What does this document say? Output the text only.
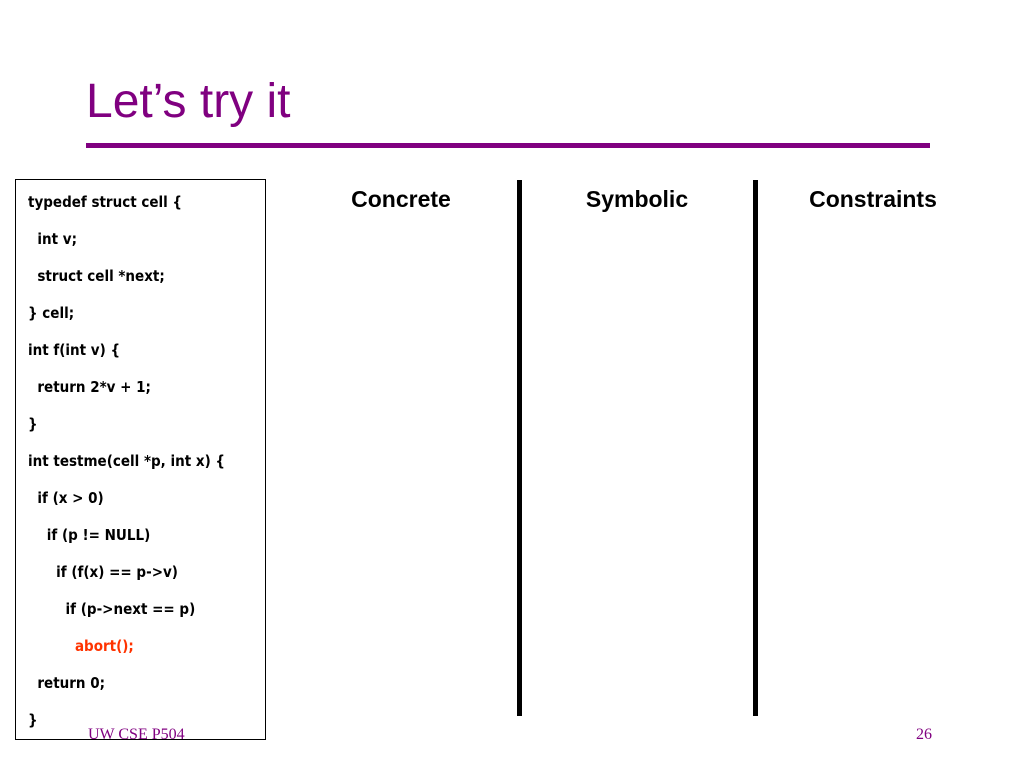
Let’s try it
typedef struct cell {
int v;
struct cell *next;
} cell;
int f(int v) {
return 2*v + 1;
}
int testme(cell *p, int x) {
if (x > 0)
if (p != NULL)
if (f(x) == p->v)
if (p->next == p)
abort();
return 0;
}
Concrete	Symbolic	Constraints
UW CSE P504	26
